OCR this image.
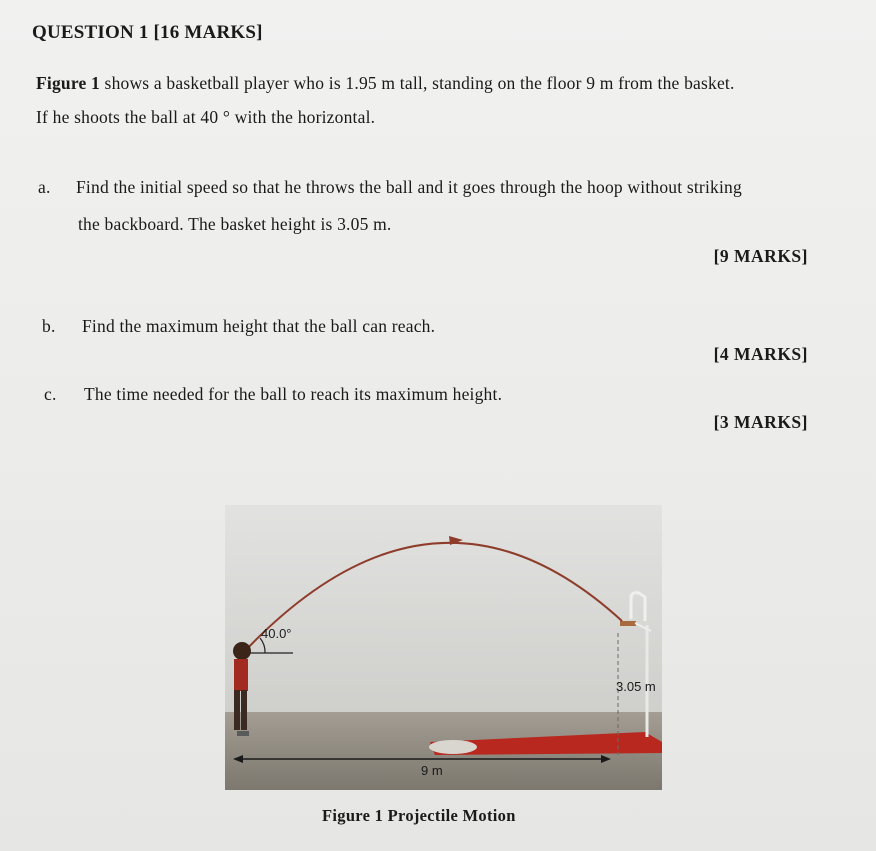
QUESTION 1 [16 MARKS]
Figure 1 shows a basketball player who is 1.95 m tall, standing on the floor 9 m from the basket.
If he shoots the ball at 40 ° with the horizontal.
a. Find the initial speed so that he throws the ball and it goes through the hoop without striking
the backboard. The basket height is 3.05 m.
[9 MARKS]
b. Find the maximum height that the ball can reach.
[4 MARKS]
c. The time needed for the ball to reach its maximum height.
[3 MARKS]
40.0°
3.05 m
9 m
Figure 1 Projectile Motion
